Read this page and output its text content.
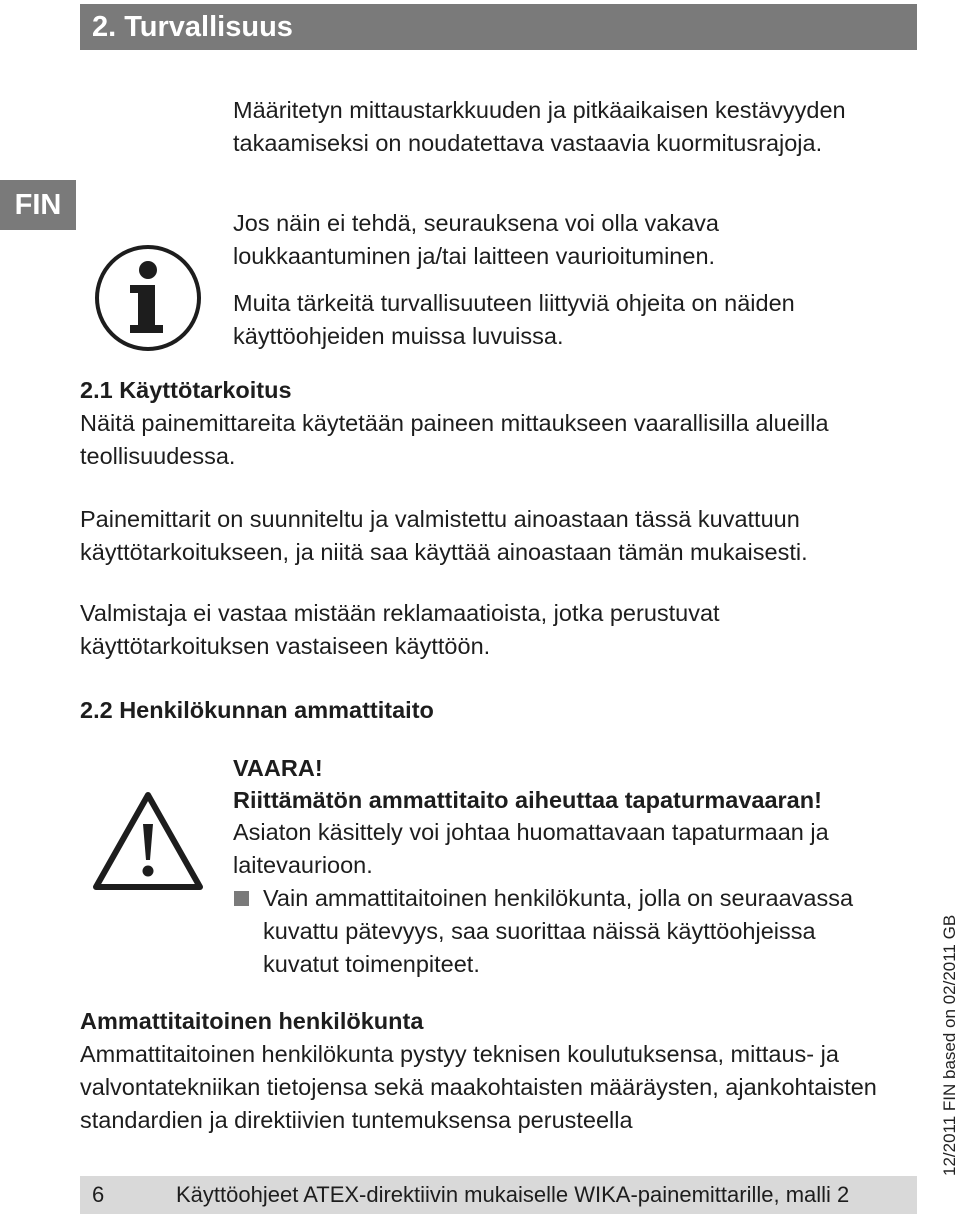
2. Turvallisuus
FIN
12/2011 FIN based on 02/2011 GB

Määritetyn mittaustarkkuuden ja pitkäaikaisen kestävyyden takaamiseksi on noudatettava vastaavia kuormitusrajoja.

Jos näin ei tehdä, seurauksena voi olla vakava loukkaantuminen ja/tai laitteen vaurioituminen.

Muita tärkeitä turvallisuuteen liittyviä ohjeita on näiden käyttöohjeiden muissa luvuissa.

2.1 Käyttötarkoitus

Näitä painemittareita käytetään paineen mittaukseen vaarallisilla alueilla teollisuudessa.

Painemittarit on suunniteltu ja valmistettu ainoastaan tässä kuvattuun käyttötarkoitukseen, ja niitä saa käyttää ainoastaan tämän mukaisesti.

Valmistaja ei vastaa mistään reklamaatioista, jotka perustuvat käyttötarkoituksen vastaiseen käyttöön.

2.2 Henkilökunnan ammattitaito

VAARA!

Riittämätön ammattitaito aiheuttaa tapaturmavaaran!

Asiaton käsittely voi johtaa huomattavaan tapaturmaan ja laitevaurioon.

Vain ammattitaitoinen henkilökunta, jolla on seuraavassa kuvattu pätevyys, saa suorittaa näissä käyttöohjeissa kuvatut toimenpiteet.

Ammattitaitoinen henkilökunta

Ammattitaitoinen henkilökunta pystyy teknisen koulutuksensa, mittaus- ja valvontatekniikan tietojensa sekä maakohtaisten määräysten, ajankohtaisten standardien ja direktiivien tuntemuksensa perusteella

6	Käyttöohjeet ATEX-direktiivin mukaiselle WIKA-painemittarille, malli 2
